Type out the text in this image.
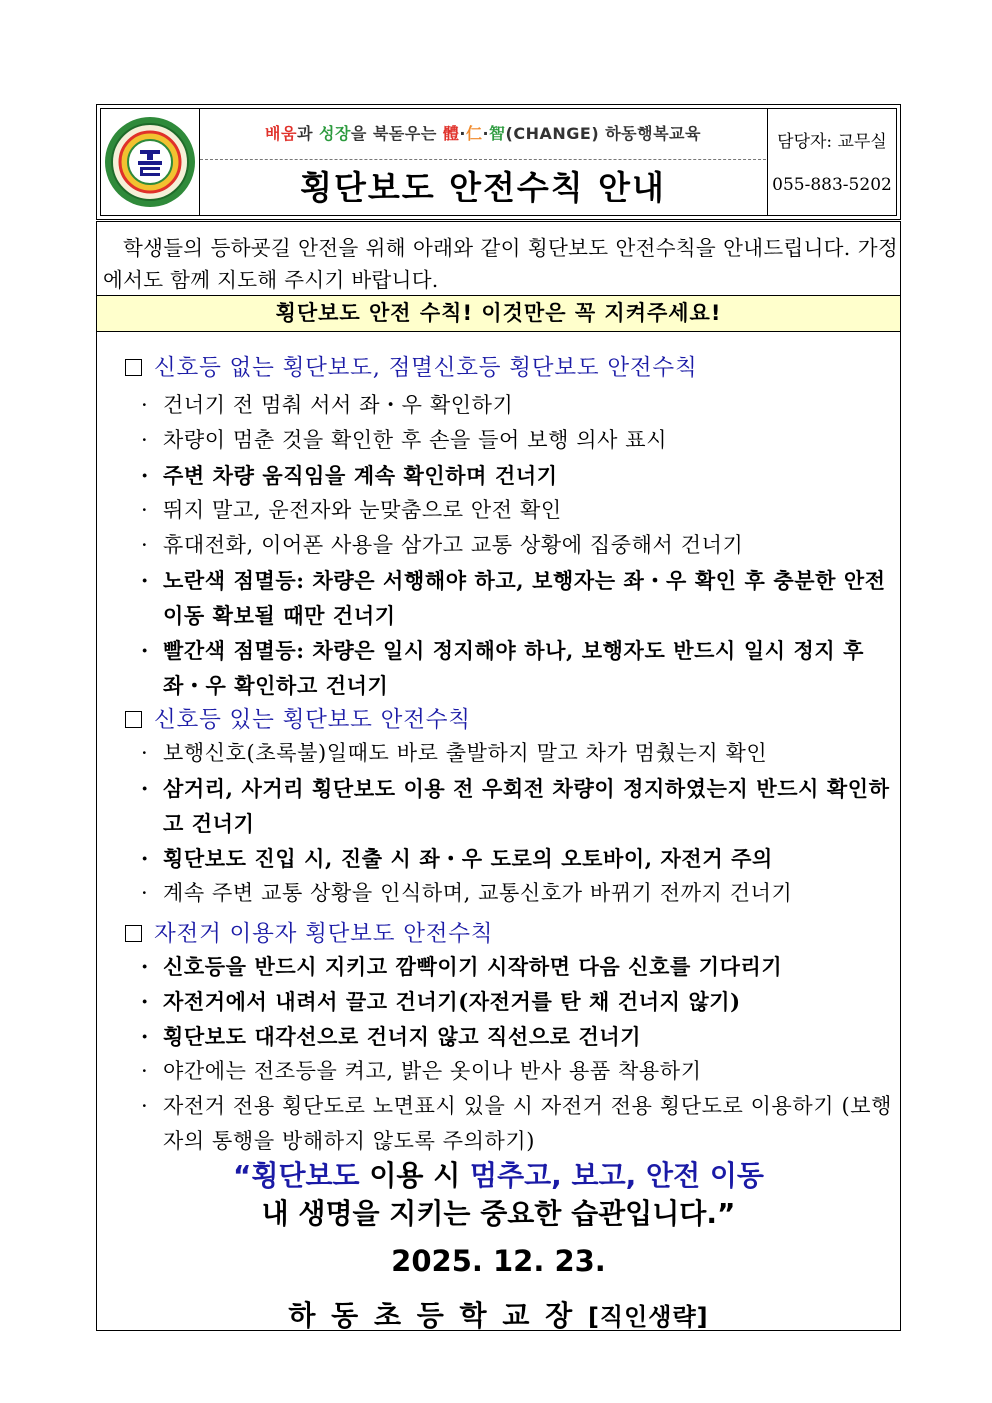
하동
배움과 성장을 북돋우는 體·仁·智(CHANGE) 하동행복교육
횡단보도 안전수칙 안내
담당자: 교무실
055-883-5202
학생들의 등하굣길 안전을 위해 아래와 같이 횡단보도 안전수칙을 안내드립니다. 가정에서도 함께 지도해 주시기 바랍니다.
횡단보도 안전 수칙! 이것만은 꼭 지켜주세요!
신호등 없는 횡단보도, 점멸신호등 횡단보도 안전수칙
· 건너기 전 멈춰 서서 좌・우 확인하기
· 차량이 멈춘 것을 확인한 후 손을 들어 보행 의사 표시
· 주변 차량 움직임을 계속 확인하며 건너기
· 뛰지 말고, 운전자와 눈맞춤으로 안전 확인
· 휴대전화, 이어폰 사용을 삼가고 교통 상황에 집중해서 건너기
· 노란색 점멸등: 차량은 서행해야 하고, 보행자는 좌・우 확인 후 충분한 안전 이동 확보될 때만 건너기
· 빨간색 점멸등: 차량은 일시 정지해야 하나, 보행자도 반드시 일시 정지 후 좌・우 확인하고 건너기
신호등 있는 횡단보도 안전수칙
· 보행신호(초록불)일때도 바로 출발하지 말고 차가 멈췄는지 확인
· 삼거리, 사거리 횡단보도 이용 전 우회전 차량이 정지하였는지 반드시 확인하고 건너기
· 횡단보도 진입 시, 진출 시 좌・우 도로의 오토바이, 자전거 주의
· 계속 주변 교통 상황을 인식하며, 교통신호가 바뀌기 전까지 건너기
자전거 이용자 횡단보도 안전수칙
· 신호등을 반드시 지키고 깜빡이기 시작하면 다음 신호를 기다리기
· 자전거에서 내려서 끌고 건너기(자전거를 탄 채 건너지 않기)
· 횡단보도 대각선으로 건너지 않고 직선으로 건너기
· 야간에는 전조등을 켜고, 밝은 옷이나 반사 용품 착용하기
· 자전거 전용 횡단도로 노면표시 있을 시 자전거 전용 횡단도로 이용하기 (보행자의 통행을 방해하지 않도록 주의하기)
“횡단보도 이용 시 멈추고, 보고, 안전 이동
내 생명을 지키는 중요한 습관입니다.”
2025. 12. 23.
하 동 초 등 학 교 장 [직인생략]
